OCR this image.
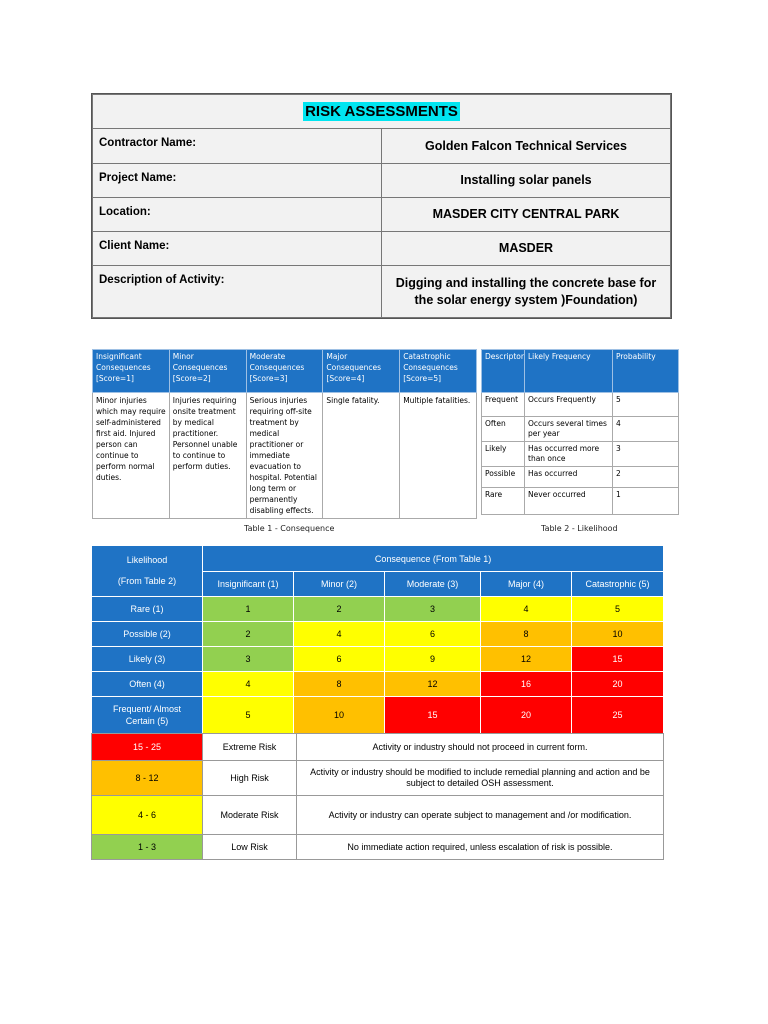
RISK ASSESSMENTS	
Contractor Name:	Golden Falcon Technical Services
Project Name:	Installing solar panels
Location:	MASDER CITY CENTRAL PARK
Client Name:	MASDER
Description of Activity:	Digging and installing the concrete base for the solar energy system )Foundation)
Insignificant Consequences [Score=1]	Minor Consequences [Score=2]	Moderate Consequences [Score=3]	Major Consequences [Score=4]	Catastrophic Consequences [Score=5]
Minor injuries which may require self-administered first aid. Injured person can continue to perform normal duties.	Injuries requiring onsite treatment by medical practitioner. Personnel unable to continue to perform duties.	Serious injuries requiring off-site treatment by medical practitioner or immediate evacuation to hospital. Potential long term or permanently disabling effects.	Single fatality.	Multiple fatalities.
Table 1 - Consequence
Descriptor	Likely Frequency	Probability
Frequent	Occurs Frequently	5
Often	Occurs several times per year	4
Likely	Has occurred more than once	3
Possible	Has occurred	2
Rare	Never occurred	1
Table 2 - Likelihood
Likelihood
(From Table 2)	Consequence (From Table 1)				
	Insignificant (1)	Minor (2)	Moderate (3)	Major (4)	Catastrophic (5)
Rare (1)	1	2	3	4	5
Possible (2)	2	4	6	8	10
Likely (3)	3	6	9	12	15
Often (4)	4	8	12	16	20
Frequent/ Almost Certain (5)	5	10	15	20	25
15 - 25	Extreme Risk	Activity or industry should not proceed in current form.
8 - 12	High Risk	Activity or industry should be modified to include remedial planning and action and be subject to detailed OSH assessment.
4 - 6	Moderate Risk	Activity or industry can operate subject to management and /or modification.
1 - 3	Low Risk	No immediate action required, unless escalation of risk is possible.
